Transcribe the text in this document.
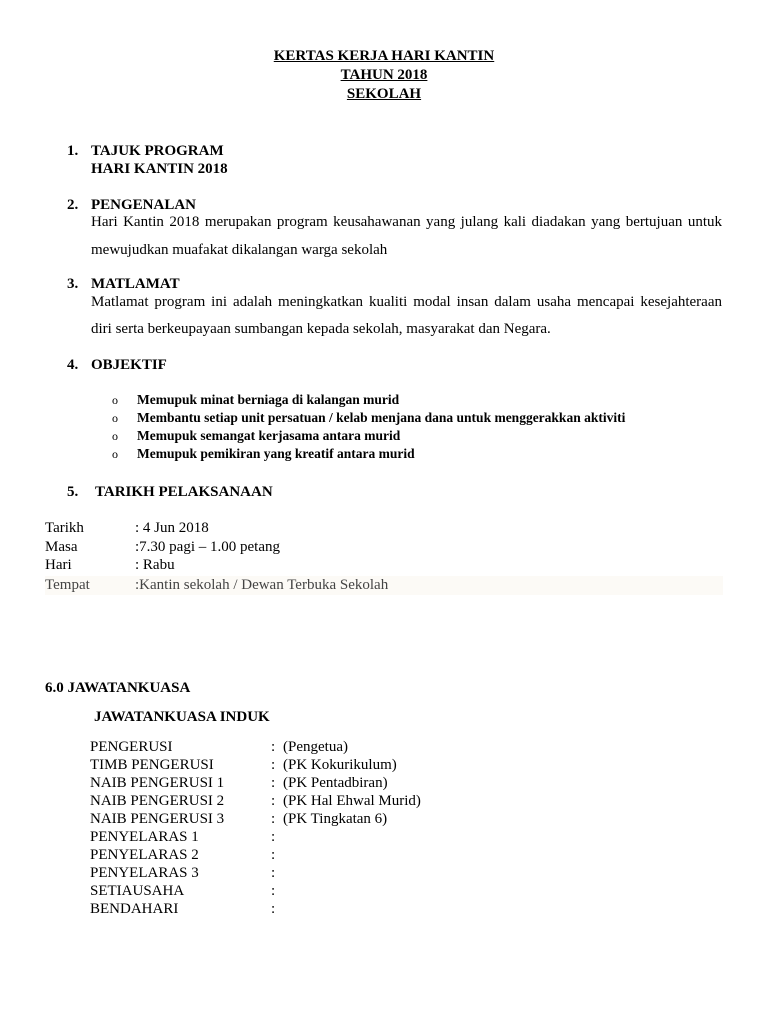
KERTAS KERJA HARI KANTIN
TAHUN 2018
SEKOLAH
1. TAJUK PROGRAM
HARI KANTIN 2018
2. PENGENALAN
Hari Kantin 2018 merupakan program keusahawanan yang julang kali diadakan yang bertujuan untuk
mewujudkan muafakat dikalangan warga sekolah
3. MATLAMAT
Matlamat program ini adalah meningkatkan kualiti modal insan dalam usaha mencapai kesejahteraan
diri serta berkeupayaan sumbangan kepada sekolah, masyarakat dan Negara.
4. OBJEKTIF
o Memupuk minat berniaga di kalangan murid
o Membantu setiap unit persatuan / kelab menjana dana untuk menggerakkan aktiviti
o Memupuk semangat kerjasama antara murid
o Memupuk pemikiran yang kreatif antara murid
5. TARIKH PELAKSANAAN
Tarikh	: 4 Jun 2018
Masa	:7.30 pagi – 1.00 petang
Hari	: Rabu
Tempat	:Kantin sekolah / Dewan Terbuka Sekolah
6.0 JAWATANKUASA
JAWATANKUASA INDUK
PENGERUSI	: (Pengetua)
TIMB PENGERUSI	: (PK Kokurikulum)
NAIB PENGERUSI 1	: (PK Pentadbiran)
NAIB PENGERUSI 2	: (PK Hal Ehwal Murid)
NAIB PENGERUSI 3	: (PK Tingkatan 6)
PENYELARAS 1	:
PENYELARAS 2	:
PENYELARAS 3	:
SETIAUSAHA	:
BENDAHARI	:
